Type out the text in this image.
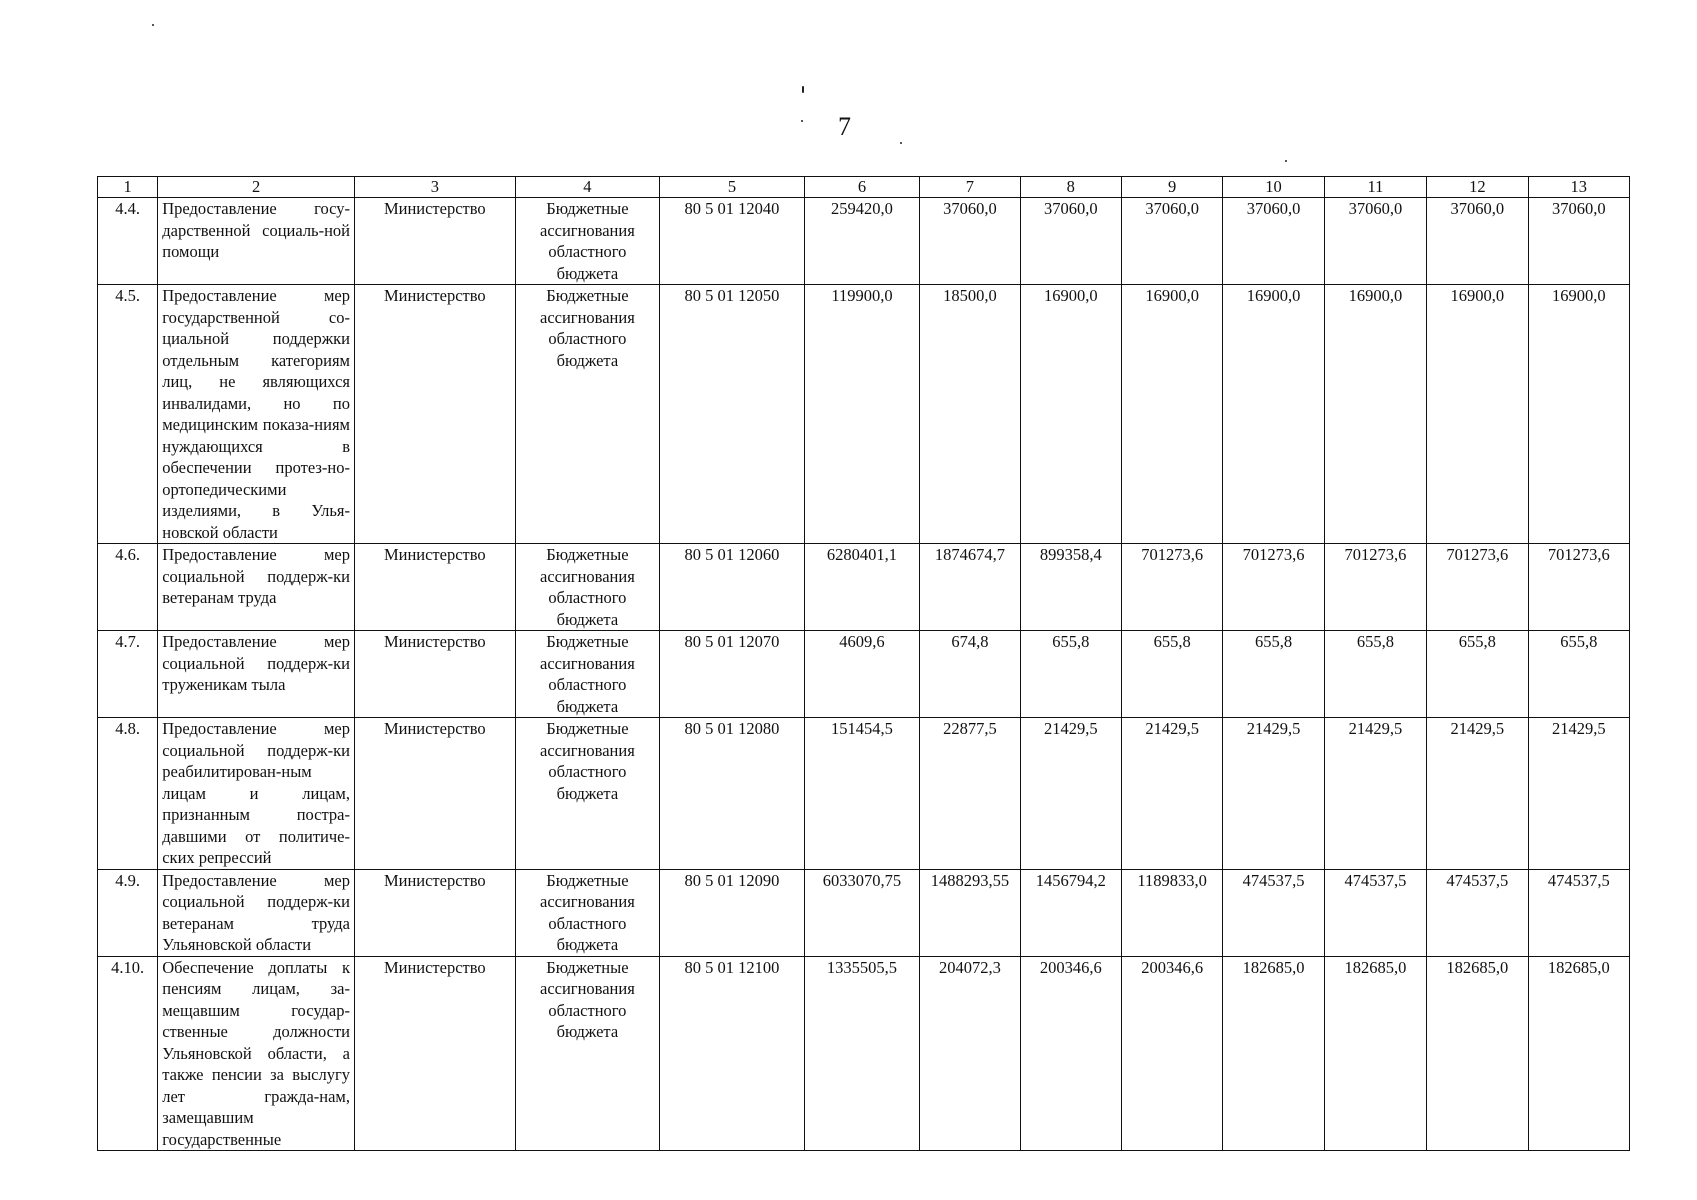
7
1	2	3	4	5	6	7	8	9	10	11	12	13
4.4.	Предоставление госу-дарственной социаль-ной помощи	Министерство	Бюджетные ассигнования областного бюджета	80 5 01 12040	259420,0	37060,0	37060,0	37060,0	37060,0	37060,0	37060,0	37060,0
4.5.	Предоставление мер государственной со-циальной поддержки отдельным категориям лиц, не являющихся инвалидами, но по медицинским показа-ниям нуждающихся в обеспечении протез-но-ортопедическими изделиями, в Улья-новской области	Министерство	Бюджетные ассигнования областного бюджета	80 5 01 12050	119900,0	18500,0	16900,0	16900,0	16900,0	16900,0	16900,0	16900,0
4.6.	Предоставление мер социальной поддерж-ки ветеранам труда	Министерство	Бюджетные ассигнования областного бюджета	80 5 01 12060	6280401,1	1874674,7	899358,4	701273,6	701273,6	701273,6	701273,6	701273,6
4.7.	Предоставление мер социальной поддерж-ки труженикам тыла	Министерство	Бюджетные ассигнования областного бюджета	80 5 01 12070	4609,6	674,8	655,8	655,8	655,8	655,8	655,8	655,8
4.8.	Предоставление мер социальной поддерж-ки реабилитирован-ным лицам и лицам, признанным постра-давшими от политиче-ских репрессий	Министерство	Бюджетные ассигнования областного бюджета	80 5 01 12080	151454,5	22877,5	21429,5	21429,5	21429,5	21429,5	21429,5	21429,5
4.9.	Предоставление мер социальной поддерж-ки ветеранам труда Ульяновской области	Министерство	Бюджетные ассигнования областного бюджета	80 5 01 12090	6033070,75	1488293,55	1456794,2	1189833,0	474537,5	474537,5	474537,5	474537,5
4.10.	Обеспечение доплаты к пенсиям лицам, за-мещавшим государ-ственные должности Ульяновской области, а также пенсии за выслугу лет гражда-нам, замещавшим государственные	Министерство	Бюджетные ассигнования областного бюджета	80 5 01 12100	1335505,5	204072,3	200346,6	200346,6	182685,0	182685,0	182685,0	182685,0
